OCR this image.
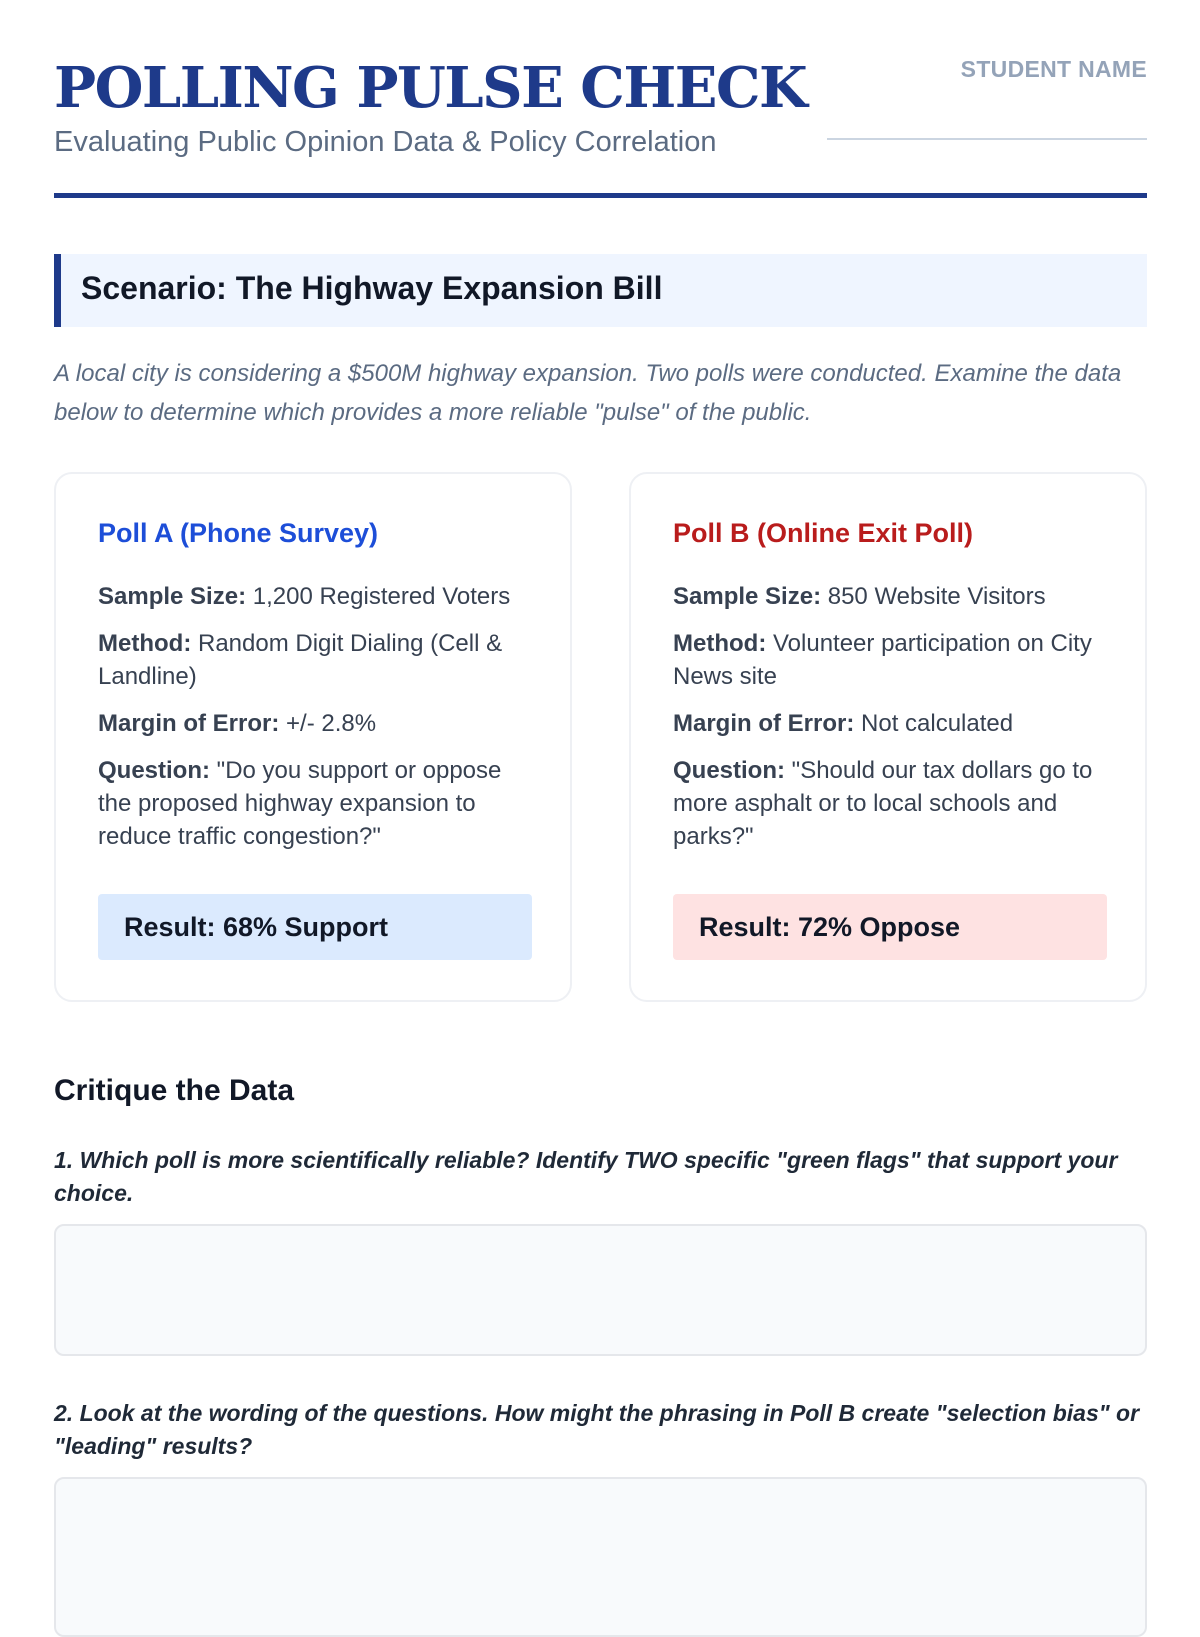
POLLING PULSE CHECK
Evaluating Public Opinion Data & Policy Correlation
STUDENT NAME
Scenario: The Highway Expansion Bill

A local city is considering a $500M highway expansion. Two polls were conducted. Examine the data below to determine which provides a more reliable "pulse" of the public.

Poll A (Phone Survey)
Sample Size: 1,200 Registered Voters
Method: Random Digit Dialing (Cell & Landline)
Margin of Error: +/- 2.8%
Question: "Do you support or oppose the proposed highway expansion to reduce traffic congestion?"
Result: 68% Support
Poll B (Online Exit Poll)
Sample Size: 850 Website Visitors
Method: Volunteer participation on City News site
Margin of Error: Not calculated
Question: "Should our tax dollars go to more asphalt or to local schools and parks?"
Result: 72% Oppose
Critique the Data

1. Which poll is more scientifically reliable? Identify TWO specific "green flags" that support your choice.

2. Look at the wording of the questions. How might the phrasing in Poll B create "selection bias" or "leading" results?
